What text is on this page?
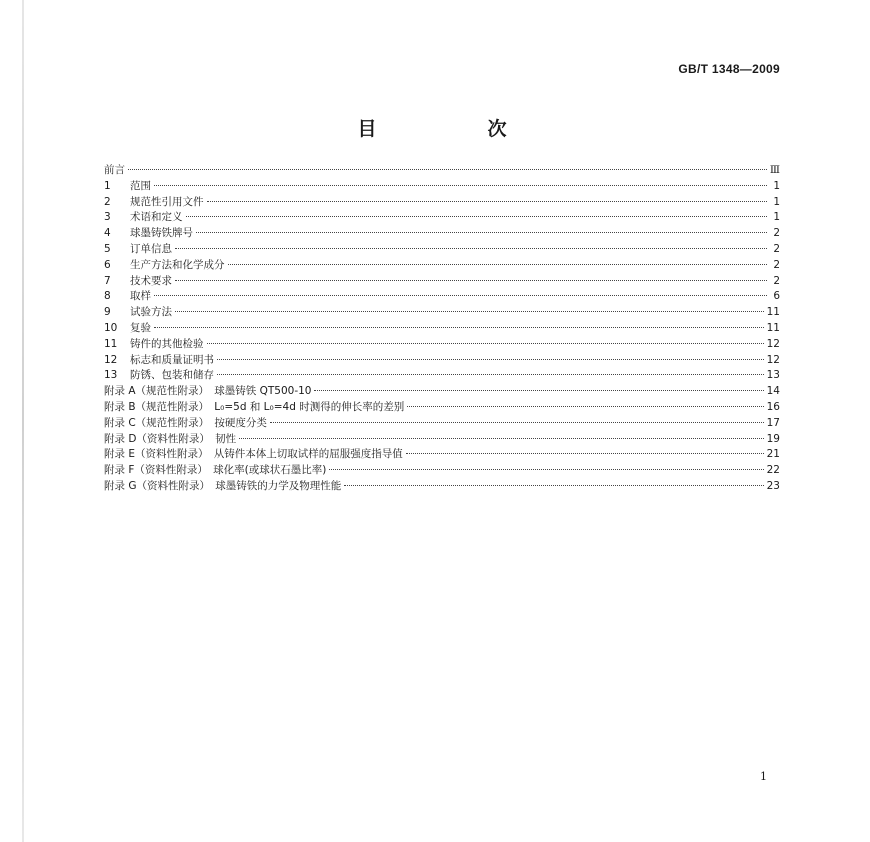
GB/T 1348—2009
目　次
前言	Ⅲ
1	范围	1
2	规范性引用文件	1
3	术语和定义	1
4	球墨铸铁牌号	2
5	订单信息	2
6	生产方法和化学成分	2
7	技术要求	2
8	取样	6
9	试验方法	11
10	复验	11
11	铸件的其他检验	12
12	标志和质量证明书	12
13	防锈、包装和储存	13
附录 A（规范性附录）　球墨铸铁 QT500-10	14
附录 B（规范性附录）　L₀=5d 和 L₀=4d 时测得的伸长率的差别	16
附录 C（规范性附录）　按硬度分类	17
附录 D（资料性附录）　韧性	19
附录 E（资料性附录）　从铸件本体上切取试样的屈服强度指导值	21
附录 F（资料性附录）　球化率(或球状石墨比率)	22
附录 G（资料性附录）　球墨铸铁的力学及物理性能	23
1
